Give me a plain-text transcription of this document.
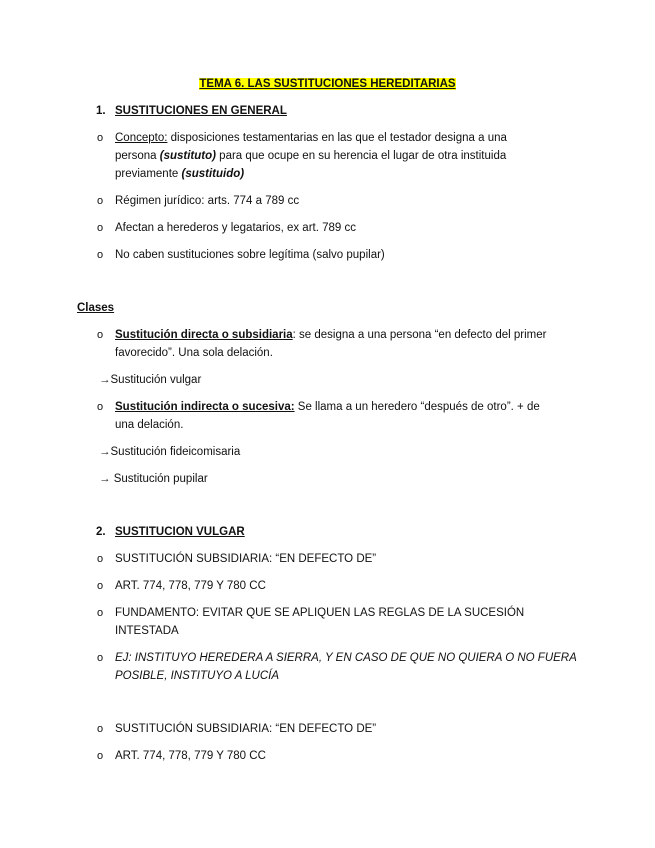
TEMA 6. LAS SUSTITUCIONES HEREDITARIAS
1. SUSTITUCIONES EN GENERAL
o Concepto: disposiciones testamentarias en las que el testador designa a una
persona (sustituto) para que ocupe en su herencia el lugar de otra instituida
previamente (sustituido)
o Régimen jurídico: arts. 774 a 789 cc
o Afectan a herederos y legatarios, ex art. 789 cc
o No caben sustituciones sobre legítima (salvo pupilar)
Clases
o Sustitución directa o subsidiaria: se designa a una persona “en defecto del primer
favorecido”. Una sola delación.
→Sustitución vulgar
o Sustitución indirecta o sucesiva: Se llama a un heredero “después de otro”. + de
una delación.
→Sustitución fideicomisaria
→ Sustitución pupilar
2. SUSTITUCION VULGAR
o SUSTITUCIÓN SUBSIDIARIA: “EN DEFECTO DE”
o ART. 774, 778, 779 Y 780 CC
o FUNDAMENTO: EVITAR QUE SE APLIQUEN LAS REGLAS DE LA SUCESIÓN
INTESTADA
o EJ: INSTITUYO HEREDERA A SIERRA, Y EN CASO DE QUE NO QUIERA O NO FUERA
POSIBLE, INSTITUYO A LUCÍA
o SUSTITUCIÓN SUBSIDIARIA: “EN DEFECTO DE”
o ART. 774, 778, 779 Y 780 CC
